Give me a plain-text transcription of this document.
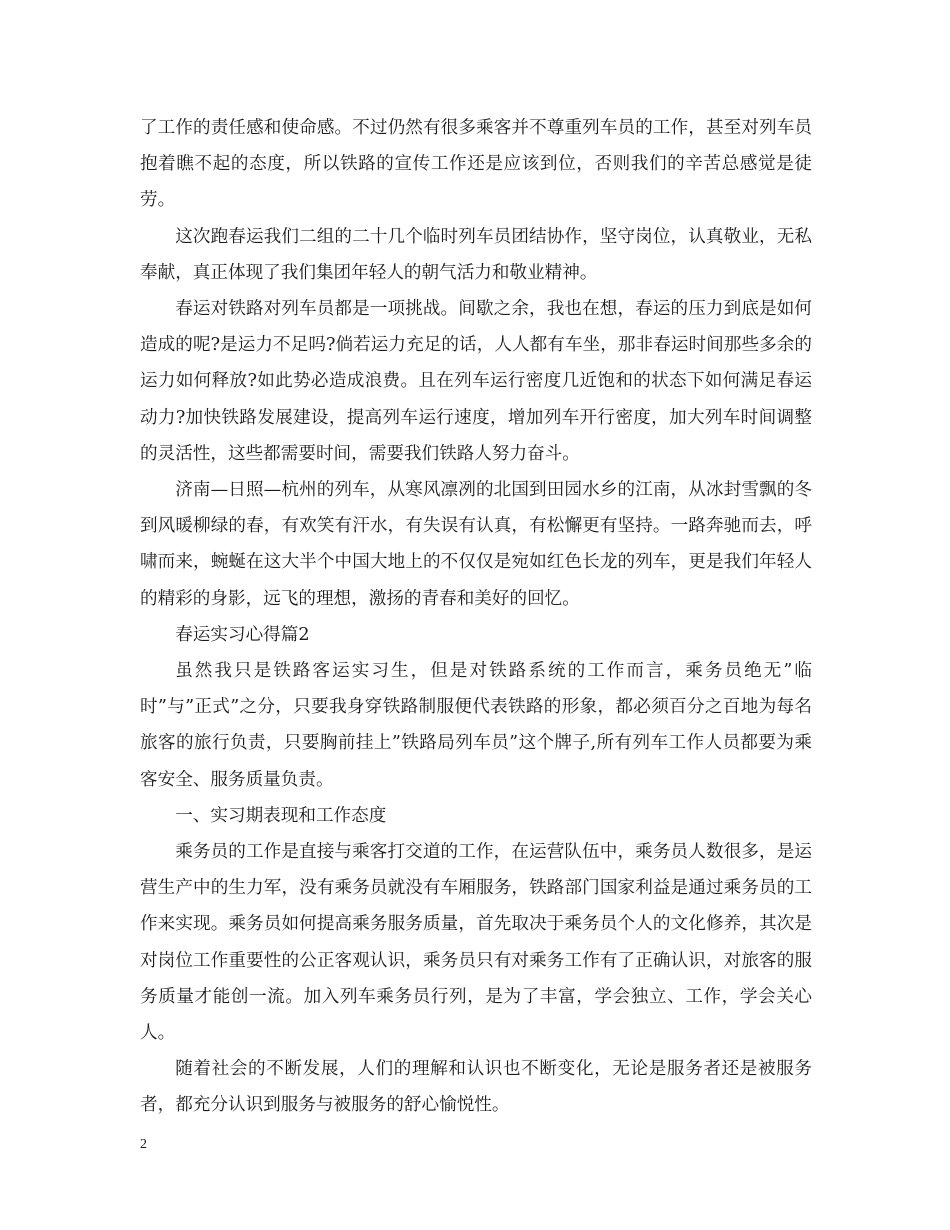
了工作的责任感和使命感。不过仍然有很多乘客并不尊重列车员的工作，甚至对列车员抱着瞧不起的态度，所以铁路的宣传工作还是应该到位，否则我们的辛苦总感觉是徒劳。

这次跑春运我们二组的二十几个临时列车员团结协作，坚守岗位，认真敬业，无私奉献，真正体现了我们集团年轻人的朝气活力和敬业精神。

春运对铁路对列车员都是一项挑战。间歇之余，我也在想，春运的压力到底是如何造成的呢?是运力不足吗?倘若运力充足的话，人人都有车坐，那非春运时间那些多余的运力如何释放?如此势必造成浪费。且在列车运行密度几近饱和的状态下如何满足春运动力?加快铁路发展建设，提高列车运行速度，增加列车开行密度，加大列车时间调整的灵活性，这些都需要时间，需要我们铁路人努力奋斗。

济南—日照—杭州的列车，从寒风凛冽的北国到田园水乡的江南，从冰封雪飘的冬到风暖柳绿的春，有欢笑有汗水，有失误有认真，有松懈更有坚持。一路奔驰而去，呼啸而来，蜿蜒在这大半个中国大地上的不仅仅是宛如红色长龙的列车，更是我们年轻人的精彩的身影，远飞的理想，激扬的青春和美好的回忆。

春运实习心得篇2

虽然我只是铁路客运实习生，但是对铁路系统的工作而言，乘务员绝无”临时”与”正式”之分，只要我身穿铁路制服便代表铁路的形象，都必须百分之百地为每名旅客的旅行负责，只要胸前挂上”铁路局列车员”这个牌子,所有列车工作人员都要为乘客安全、服务质量负责。

一、实习期表现和工作态度

乘务员的工作是直接与乘客打交道的工作，在运营队伍中，乘务员人数很多，是运营生产中的生力军，没有乘务员就没有车厢服务，铁路部门国家利益是通过乘务员的工作来实现。乘务员如何提高乘务服务质量，首先取决于乘务员个人的文化修养，其次是对岗位工作重要性的公正客观认识，乘务员只有对乘务工作有了正确认识，对旅客的服务质量才能创一流。加入列车乘务员行列，是为了丰富，学会独立、工作，学会关心人。

随着社会的不断发展，人们的理解和认识也不断变化，无论是服务者还是被服务者，都充分认识到服务与被服务的舒心愉悦性。

2
